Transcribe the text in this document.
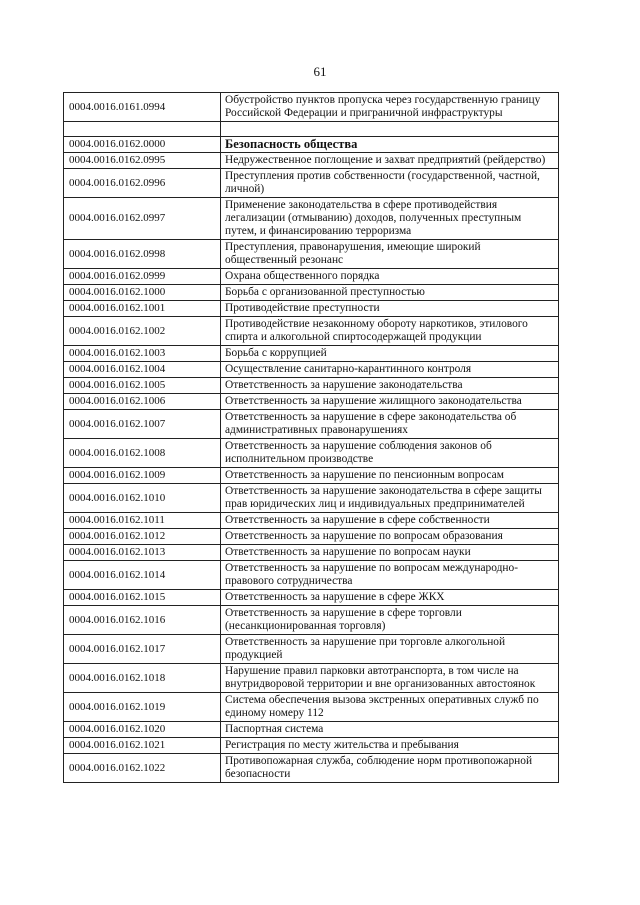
61
0004.0016.0161.0994	Обустройство пунктов пропуска через государственную границу Российской Федерации и приграничной инфраструктуры

0004.0016.0162.0000	Безопасность общества
0004.0016.0162.0995	Недружественное поглощение и захват предприятий (рейдерство)
0004.0016.0162.0996	Преступления против собственности (государственной, частной, личной)
0004.0016.0162.0997	Применение законодательства в сфере противодействия легализации (отмыванию) доходов, полученных преступным путем, и финансированию терроризма
0004.0016.0162.0998	Преступления, правонарушения, имеющие широкий общественный резонанс
0004.0016.0162.0999	Охрана общественного порядка
0004.0016.0162.1000	Борьба с организованной преступностью
0004.0016.0162.1001	Противодействие преступности
0004.0016.0162.1002	Противодействие незаконному обороту наркотиков, этилового спирта и алкогольной спиртосодержащей продукции
0004.0016.0162.1003	Борьба с коррупцией
0004.0016.0162.1004	Осуществление санитарно-карантинного контроля
0004.0016.0162.1005	Ответственность за нарушение законодательства
0004.0016.0162.1006	Ответственность за нарушение жилищного законодательства
0004.0016.0162.1007	Ответственность за нарушение в сфере законодательства об административных правонарушениях
0004.0016.0162.1008	Ответственность за нарушение соблюдения законов об исполнительном производстве
0004.0016.0162.1009	Ответственность за нарушение по пенсионным вопросам
0004.0016.0162.1010	Ответственность за нарушение законодательства в сфере защиты прав юридических лиц и индивидуальных предпринимателей
0004.0016.0162.1011	Ответственность за нарушение в сфере собственности
0004.0016.0162.1012	Ответственность за нарушение по вопросам образования
0004.0016.0162.1013	Ответственность за нарушение по вопросам науки
0004.0016.0162.1014	Ответственность за нарушение по вопросам международно-правового сотрудничества
0004.0016.0162.1015	Ответственность за нарушение в сфере ЖКХ
0004.0016.0162.1016	Ответственность за нарушение в сфере торговли (несанкционированная торговля)
0004.0016.0162.1017	Ответственность за нарушение при торговле алкогольной продукцией
0004.0016.0162.1018	Нарушение правил парковки автотранспорта, в том числе на внутридворовой территории и вне организованных автостоянок
0004.0016.0162.1019	Система обеспечения вызова экстренных оперативных служб по единому номеру 112
0004.0016.0162.1020	Паспортная система
0004.0016.0162.1021	Регистрация по месту жительства и пребывания
0004.0016.0162.1022	Противопожарная служба, соблюдение норм противопожарной безопасности
